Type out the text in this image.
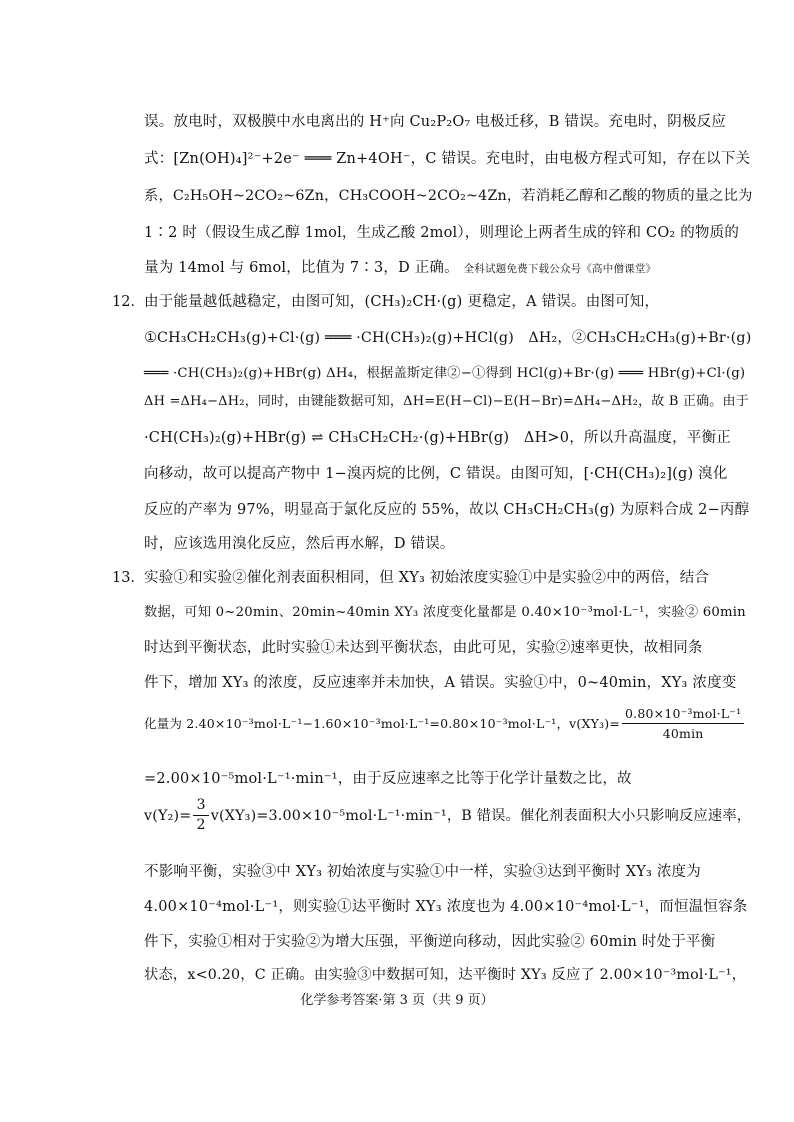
误。放电时，双极膜中水电离出的 H⁺向 Cu₂P₂O₇ 电极迁移，B 错误。充电时，阴极反应
式：[Zn(OH)₄]²⁻+2e⁻ ═══ Zn+4OH⁻，C 错误。充电时，由电极方程式可知，存在以下关
系，C₂H₅OH~2CO₂~6Zn，CH₃COOH~2CO₂~4Zn，若消耗乙醇和乙酸的物质的量之比为
1∶2 时（假设生成乙醇 1mol，生成乙酸 2mol），则理论上两者生成的锌和 CO₂ 的物质的
量为 14mol 与 6mol，比值为 7∶3，D 正确。 全科试题免费下载公众号《高中僧课堂》
12． 由于能量越低越稳定，由图可知，(CH₃)₂CH·(g) 更稳定，A 错误。由图可知，
①CH₃CH₂CH₃(g)+Cl·(g) ═══ ·CH(CH₃)₂(g)+HCl(g)　ΔH₂，②CH₃CH₂CH₃(g)+Br·(g)
═══ ·CH(CH₃)₂(g)+HBr(g) ΔH₄，根据盖斯定律②−①得到 HCl(g)+Br·(g) ═══ HBr(g)+Cl·(g)
ΔH =ΔH₄−ΔH₂，同时，由键能数据可知，ΔH=E(H−Cl)−E(H−Br)=ΔH₄−ΔH₂，故 B 正确。由于
·CH(CH₃)₂(g)+HBr(g) ⇌ CH₃CH₂CH₂·(g)+HBr(g)　ΔH>0，所以升高温度，平衡正
向移动，故可以提高产物中 1−溴丙烷的比例，C 错误。由图可知，[·CH(CH₃)₂](g) 溴化
反应的产率为 97%，明显高于氯化反应的 55%，故以 CH₃CH₂CH₃(g) 为原料合成 2−丙醇
时，应该选用溴化反应，然后再水解，D 错误。
13． 实验①和实验②催化剂表面积相同，但 XY₃ 初始浓度实验①中是实验②中的两倍，结合
数据，可知 0~20min、20min~40min XY₃ 浓度变化量都是 0.40×10⁻³mol·L⁻¹，实验② 60min
时达到平衡状态，此时实验①未达到平衡状态，由此可见，实验②速率更快，故相同条
件下，增加 XY₃ 的浓度，反应速率并未加快，A 错误。实验①中，0~40min，XY₃ 浓度变
化量为 2.40×10⁻³mol·L⁻¹−1.60×10⁻³mol·L⁻¹=0.80×10⁻³mol·L⁻¹，$v(XY_3)= \frac{\text{0.80×10⁻³mol·L⁻¹}}{40\min}$
=2.00×10⁻⁵mol·L⁻¹·min⁻¹，由于反应速率之比等于化学计量数之比，故
$v(Y_2)= \frac{3}{2} v(XY_3)=3.00\times 10^{-5}mol\cdot L^{-1}\cdot\min^{-1}$，B 错误。催化剂表面积大小只影响反应速率，
不影响平衡，实验③中 XY₃ 初始浓度与实验①中一样，实验③达到平衡时 XY₃ 浓度为
4.00×10⁻⁴mol·L⁻¹，则实验①达平衡时 XY₃ 浓度也为 4.00×10⁻⁴mol·L⁻¹，而恒温恒容条
件下，实验①相对于实验②为增大压强，平衡逆向移动，因此实验② 60min 时处于平衡
状态，x<0.20，C 正确。由实验③中数据可知，达平衡时 XY₃ 反应了 2.00×10⁻³mol·L⁻¹，
化学参考答案·第 3 页（共 9 页）
